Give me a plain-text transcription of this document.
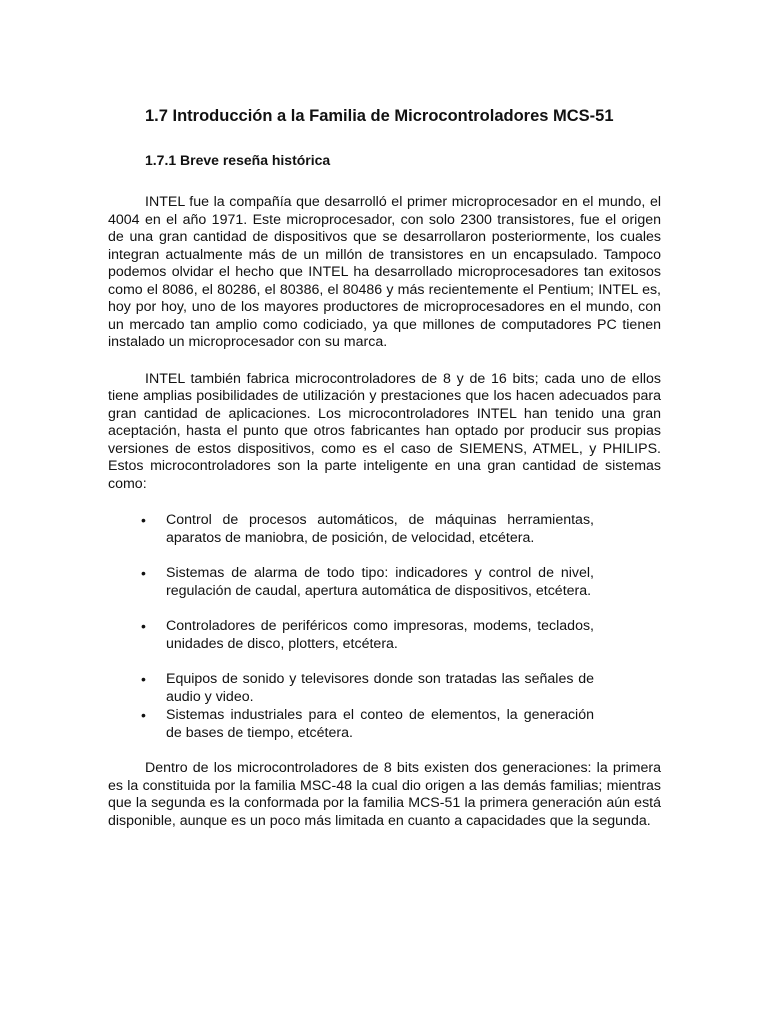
1.7 Introducción a la Familia de Microcontroladores MCS-51
1.7.1 Breve reseña histórica

INTEL fue la compañía que desarrolló el primer microprocesador en el mundo, el 4004 en el año 1971. Este microprocesador, con solo 2300 transistores, fue el origen de una gran cantidad de dispositivos que se desarrollaron posteriormente, los cuales integran actualmente más de un millón de transistores en un encapsulado. Tampoco podemos olvidar el hecho que INTEL ha desarrollado microprocesadores tan exitosos como el 8086, el 80286, el 80386, el 80486 y más recientemente el Pentium; INTEL es, hoy por hoy, uno de los mayores productores de microprocesadores en el mundo, con un mercado tan amplio como codiciado, ya que millones de computadores PC tienen instalado un microprocesador con su marca.

INTEL también fabrica microcontroladores de 8 y de 16 bits; cada uno de ellos tiene amplias posibilidades de utilización y prestaciones que los hacen adecuados para gran cantidad de aplicaciones. Los microcontroladores INTEL han tenido una gran aceptación, hasta el punto que otros fabricantes han optado por producir sus propias versiones de estos dispositivos, como es el caso de SIEMENS, ATMEL, y PHILIPS. Estos microcontroladores son la parte inteligente en una gran cantidad de sistemas como:

•	Control de procesos automáticos, de máquinas herramientas, aparatos de maniobra, de posición, de velocidad, etcétera.
•	Sistemas de alarma de todo tipo: indicadores y control de nivel, regulación de caudal, apertura automática de dispositivos, etcétera.
•	Controladores de periféricos como impresoras, modems, teclados, unidades de disco, plotters, etcétera.
•	Equipos de sonido y televisores donde son tratadas las señales de audio y video.
•	Sistemas industriales para el conteo de elementos, la generación de bases de tiempo, etcétera.

Dentro de los microcontroladores de 8 bits existen dos generaciones: la primera es la constituida por la familia MSC-48 la cual dio origen a las demás familias; mientras que la segunda es la conformada por la familia MCS-51 la primera generación aún está disponible, aunque es un poco más limitada en cuanto a capacidades que la segunda.
